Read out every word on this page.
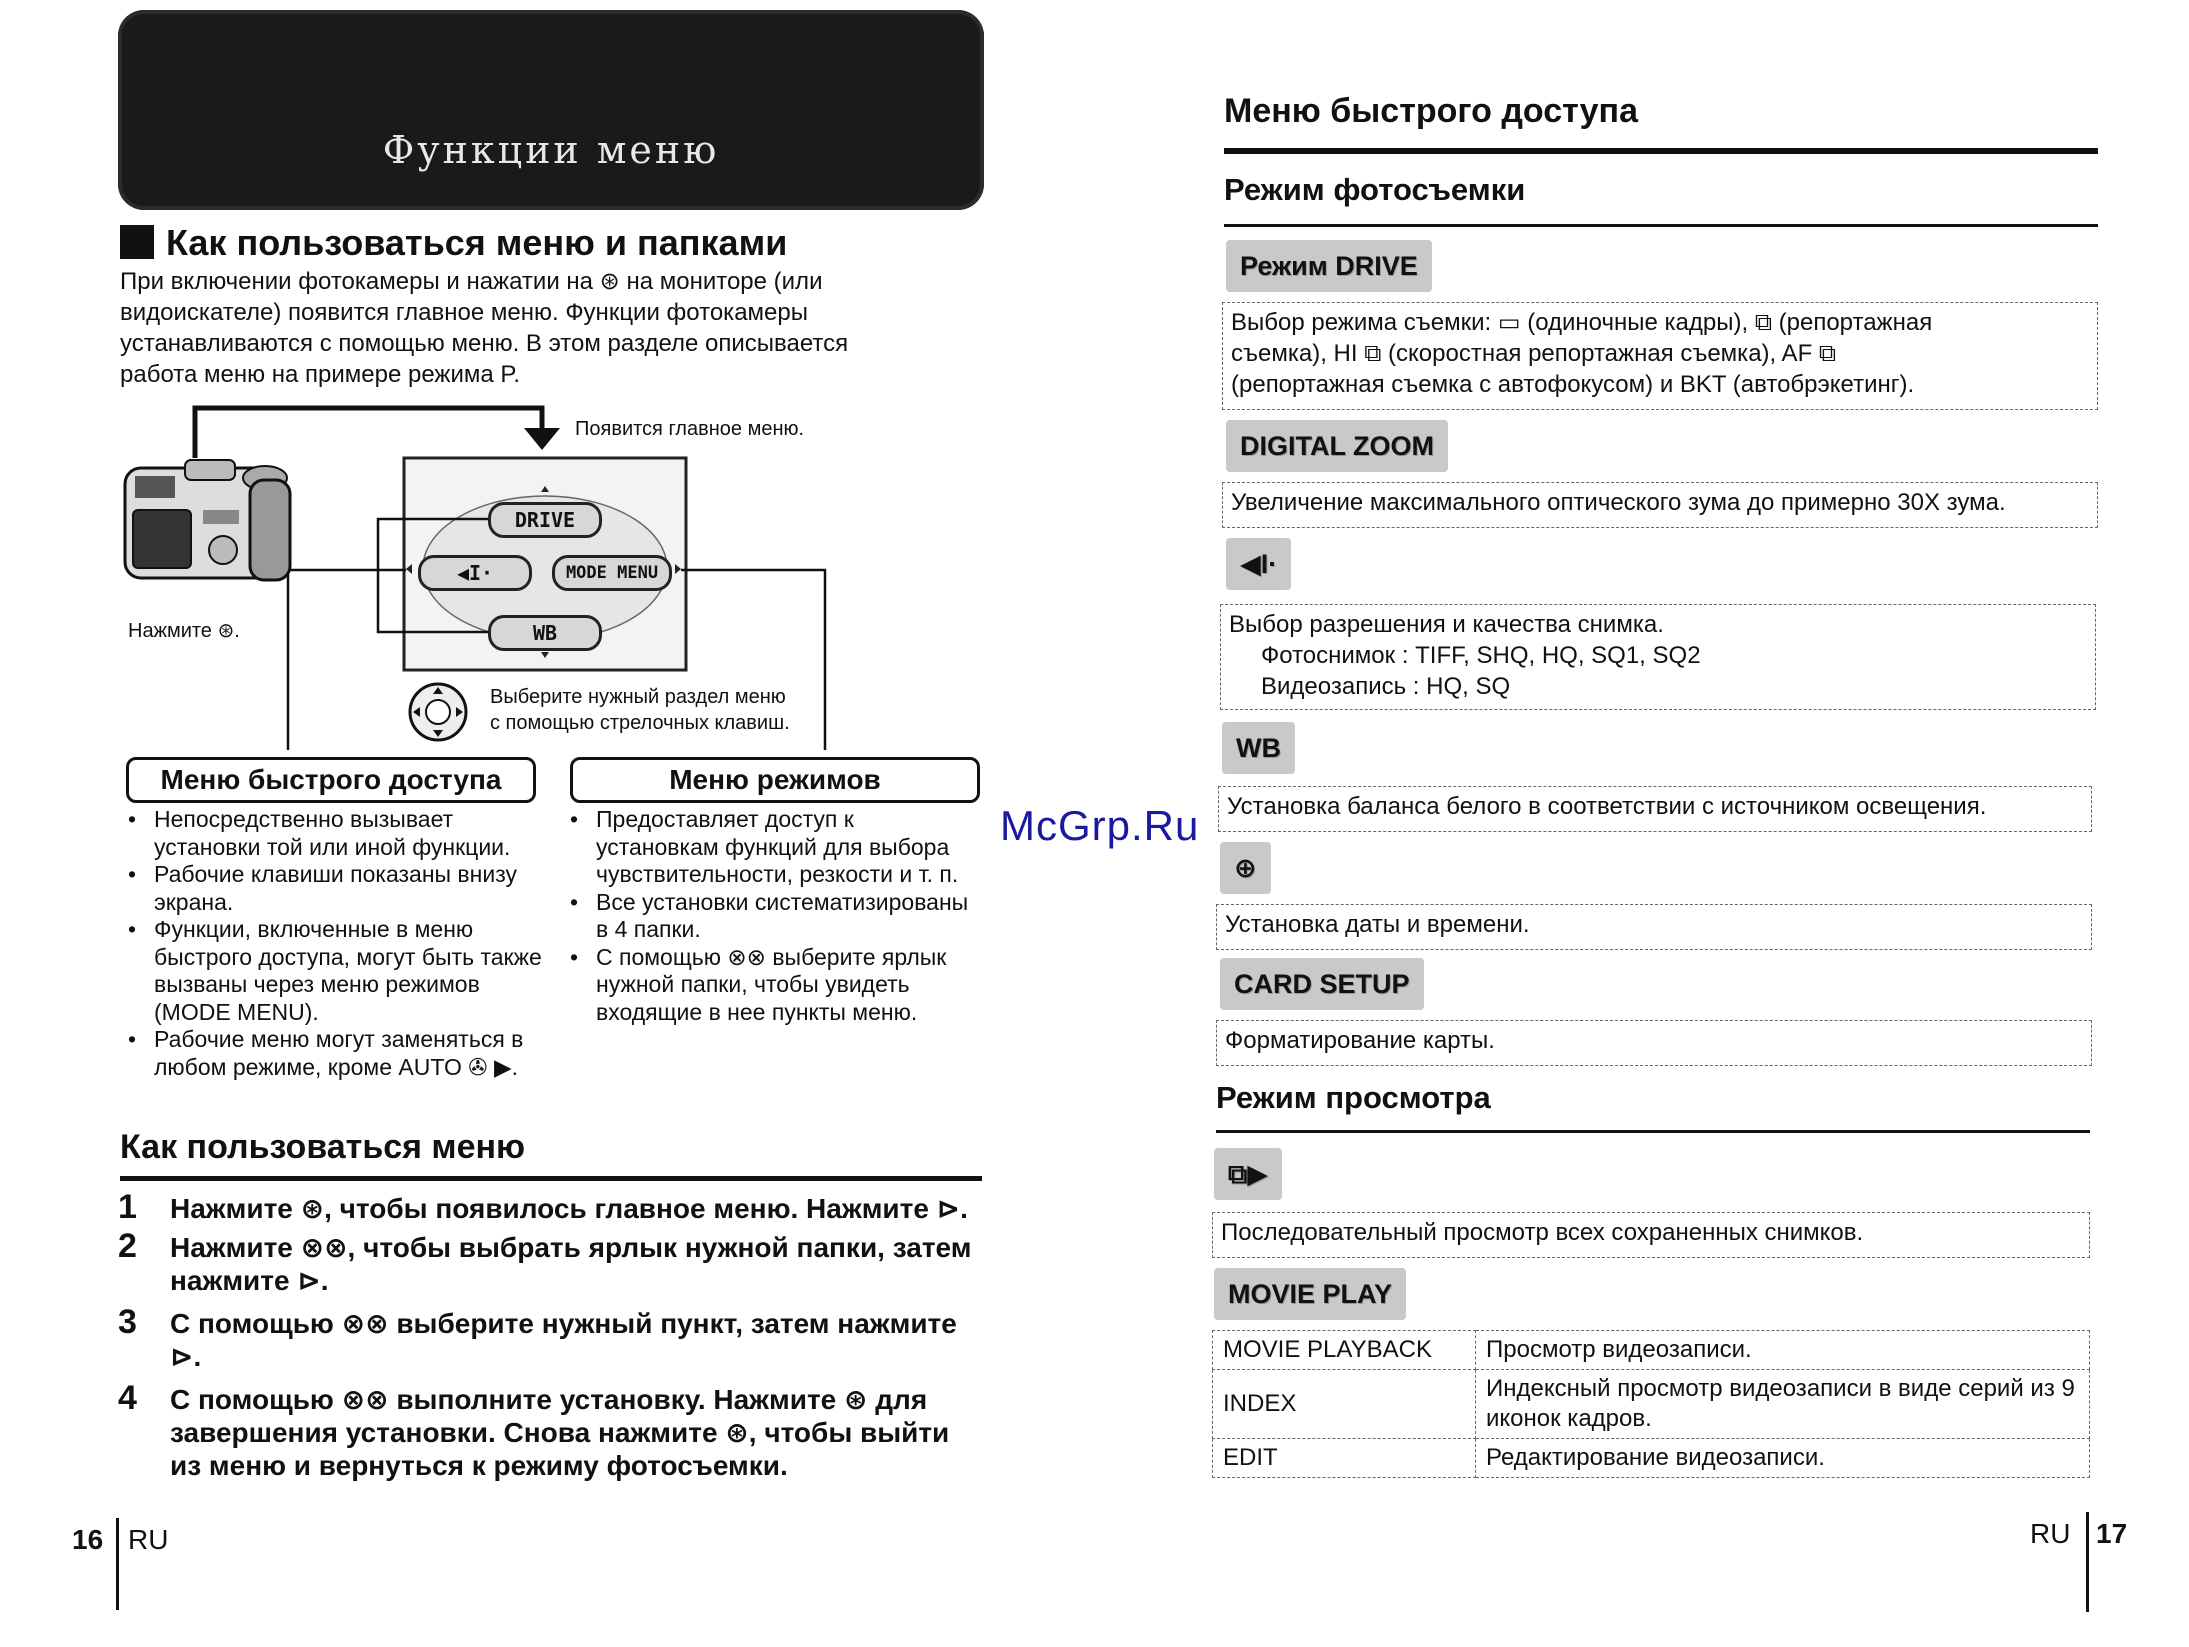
Функции меню
Как пользоваться меню и папками
При включении фотокамеры и нажатии на ⊛ на мониторе (или
видоискателе) появится главное меню. Функции фотокамеры
устанавливаются с помощью меню. В этом разделе описывается
работа меню на примере режима P.
Появится главное меню.
Нажмите ⊛.
DRIVE
◀I·	MODE MENU
WB
Выберите нужный раздел меню
с помощью стрелочных клавиш.
Меню быстрого доступа
• Непосредственно вызывает установки той или иной функции.
• Рабочие клавиши показаны внизу экрана.
• Функции, включенные в меню быстрого доступа, могут быть также вызваны через меню режимов (MODE MENU).
• Рабочие меню могут заменяться в любом режиме, кроме AUTO ✇ ▶.
Меню режимов
• Предоставляет доступ к установкам функций для выбора чувствительности, резкости и т. п.
• Все установки систематизированы в 4 папки.
• С помощью ⊗⊗ выберите ярлык нужной папки, чтобы увидеть входящие в нее пункты меню.
Как пользоваться меню
1 Нажмите ⊛, чтобы появилось главное меню. Нажмите ⊳.
2 Нажмите ⊗⊗, чтобы выбрать ярлык нужной папки, затем нажмите ⊳.
3 С помощью ⊗⊗ выберите нужный пункт, затем нажмите ⊳.
4 С помощью ⊗⊗ выполните установку. Нажмите ⊛ для завершения установки. Снова нажмите ⊛, чтобы выйти из меню и вернуться к режиму фотосъемки.
16 RU
McGrp.Ru
Меню быстрого доступа
Режим фотосъемки
Режим DRIVE
Выбор режима съемки: ▭ (одиночные кадры), ⧉ (репортажная
съемка), HI ⧉ (скоростная репортажная съемка), AF ⧉
(репортажная съемка с автофокусом) и BKT (автобрэкетинг).
DIGITAL ZOOM
Увеличение максимального оптического зума до примерно 30X зума.
◀I·
Выбор разрешения и качества снимка.
Фотоснимок : TIFF, SHQ, HQ, SQ1, SQ2
Видеозапись : HQ, SQ
WB
Установка баланса белого в соответствии с источником освещения.
⊕
Установка даты и времени.
CARD SETUP
Форматирование карты.
Режим просмотра
⧉▶
Последовательный просмотр всех сохраненных снимков.
MOVIE PLAY
MOVIE PLAYBACK	Просмотр видеозаписи.
INDEX	Индексный просмотр видеозаписи в виде серий из 9 иконок кадров.
EDIT	Редактирование видеозаписи.
RU 17
